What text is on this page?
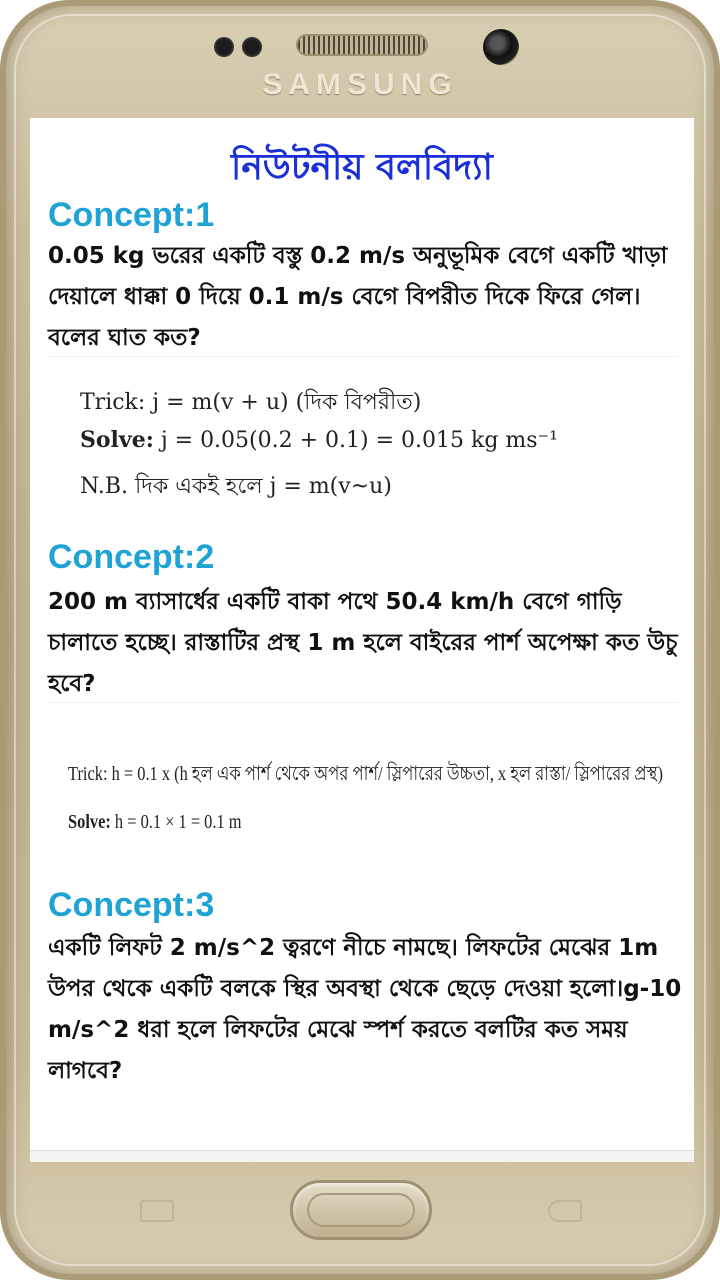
SAMSUNG
নিউটনীয় বলবিদ্যা
Concept:1
0.05 kg ভরের একটি বস্তু 0.2 m/s অনুভূমিক বেগে একটি খাড়া দেয়ালে ধাক্কা 0 দিয়ে 0.1 m/s বেগে বিপরীত দিকে ফিরে গেল।বলের ঘাত কত?
Trick: j = m(v + u) (দিক বিপরীত)
Solve: j = 0.05(0.2 + 0.1) = 0.015 kg ms⁻¹
N.B. দিক একই হলে j = m(v~u)
Concept:2
200 m ব্যাসার্ধের একটি বাকা পথে 50.4 km/h বেগে গাড়ি চালাতে হচ্ছে। রাস্তাটির প্রস্থ 1 m হলে বাইরের পার্শ অপেক্ষা কত উচু হবে?
Trick: h = 0.1 x (h হল এক পার্শ থেকে অপর পার্শ/ স্লিপারের উচ্চতা, x হল রাস্তা/ স্লিপারের প্রস্থ)
Solve: h = 0.1 × 1 = 0.1 m
Concept:3
একটি লিফট 2 m/s^2 ত্বরণে নীচে নামছে। লিফটের মেঝের 1m উপর থেকে একটি বলকে স্থির অবস্থা থেকে ছেড়ে দেওয়া হলো।g-10 m/s^2 ধরা হলে লিফটের মেঝে স্পর্শ করতে বলটির কত সময় লাগবে?
